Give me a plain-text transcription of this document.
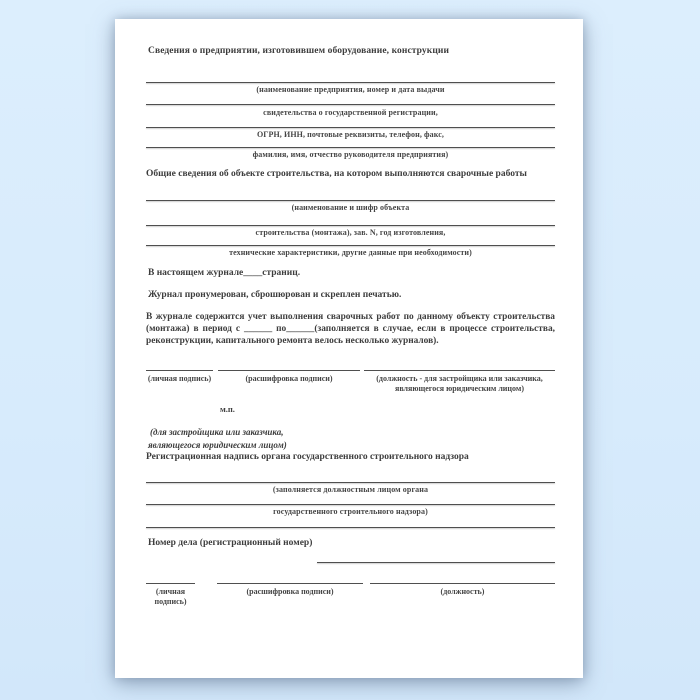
Сведения о предприятии, изготовившем оборудование, конструкции
(наименование предприятия, номер и дата выдачи
свидетельства о государственной регистрации,
ОГРН, ИНН, почтовые реквизиты, телефон, факс,
фамилия, имя, отчество руководителя предприятия)
Общие сведения об объекте строительства, на котором выполняются сварочные работы
(наименование и шифр объекта
строительства (монтажа), зав. N, год изготовления,
технические характеристики, другие данные при необходимости)
В настоящем журнале____страниц.
Журнал пронумерован, сброшюрован и скреплен печатью.

В журнале содержится учет выполнения сварочных работ по данному объекту строительства (монтажа) в период с ______ по______(заполняется в случае, если в процессе строительства, реконструкции, капитального ремонта велось несколько журналов).

(личная подпись)	(расшифровка подписи)	(должность - для застройщика или заказчика, являющегося юридическим лицом)
м.п.
(для застройщика или заказчика,
являющегося юридическим лицом)
Регистрационная надпись органа государственного строительного надзора
(заполняется должностным лицом органа
государственного строительного надзора)
Номер дела (регистрационный номер)
(личная подпись)
(расшифровка подписи)	(должность)
